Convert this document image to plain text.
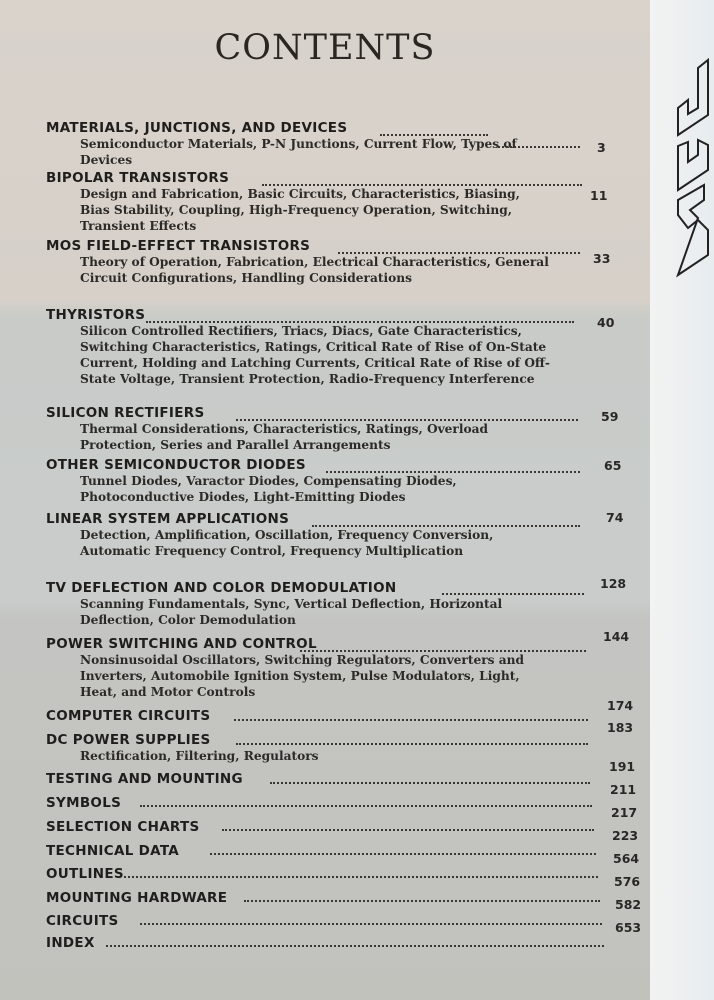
CONTENTS
MATERIALS, JUNCTIONS, AND DEVICES
Semiconductor Materials, P-N Junctions, Current Flow, Types of Devices
3
BIPOLAR TRANSISTORS
Design and Fabrication, Basic Circuits, Characteristics, Biasing, Bias Stability, Coupling, High-Frequency Operation, Switching, Transient Effects
11
MOS FIELD-EFFECT TRANSISTORS
Theory of Operation, Fabrication, Electrical Characteristics, General Circuit Configurations, Handling Considerations
33
THYRISTORS
Silicon Controlled Rectifiers, Triacs, Diacs, Gate Characteristics, Switching Characteristics, Ratings, Critical Rate of Rise of On-State Current, Holding and Latching Currents, Critical Rate of Rise of Off-State Voltage, Transient Protection, Radio-Frequency Interference
40
SILICON RECTIFIERS
Thermal Considerations, Characteristics, Ratings, Overload Protection, Series and Parallel Arrangements
59
OTHER SEMICONDUCTOR DIODES
Tunnel Diodes, Varactor Diodes, Compensating Diodes, Photoconductive Diodes, Light-Emitting Diodes
65
LINEAR SYSTEM APPLICATIONS
Detection, Amplification, Oscillation, Frequency Conversion, Automatic Frequency Control, Frequency Multiplication
74
TV DEFLECTION AND COLOR DEMODULATION
Scanning Fundamentals, Sync, Vertical Deflection, Horizontal Deflection, Color Demodulation
128
POWER SWITCHING AND CONTROL
Nonsinusoidal Oscillators, Switching Regulators, Converters and Inverters, Automobile Ignition System, Pulse Modulators, Light, Heat, and Motor Controls
144
COMPUTER CIRCUITS
174
DC POWER SUPPLIES
Rectification, Filtering, Regulators
183
TESTING AND MOUNTING
191
SYMBOLS
211
SELECTION CHARTS
217
TECHNICAL DATA
223
OUTLINES
564
MOUNTING HARDWARE
576
CIRCUITS
582
INDEX
653
